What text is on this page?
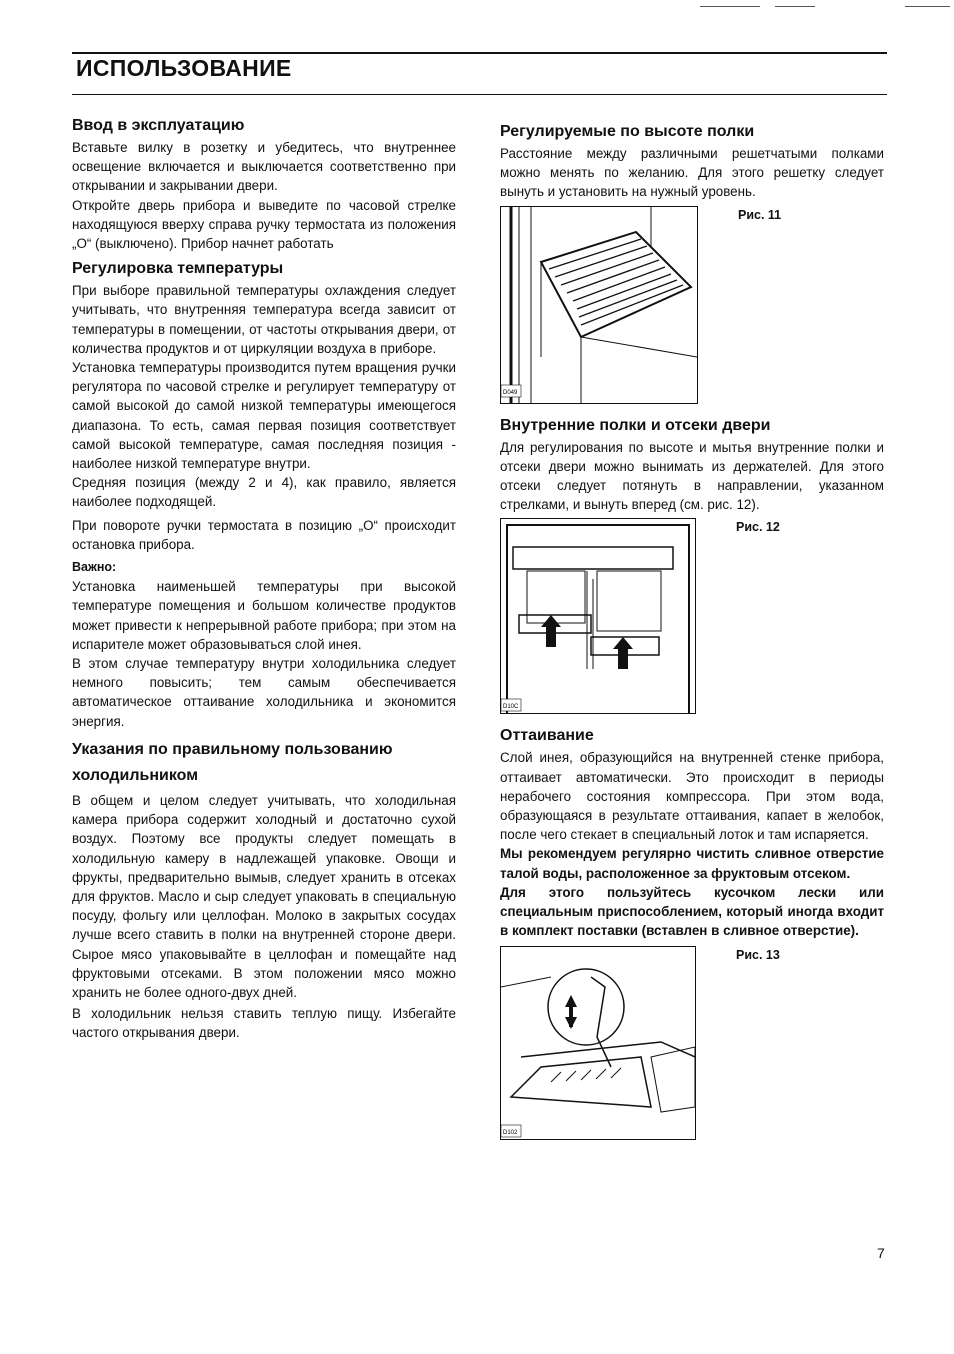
ИСПОЛЬЗОВАНИЕ
Ввод в эксплуатацию

Вставьте вилку в розетку и убедитесь, что внутреннее освещение включается и выключается соответственно при открывании и закрывании двери.

Откройте дверь прибора и выведите по часовой стрелке находящуюся вверху справа ручку термостата из положения „О“ (выключено). Прибор начнет работать

Регулировка температуры

При выборе правильной температуры охлаждения следует учитывать, что внутренняя температура всегда зависит от температуры в помещении, от частоты открывания двери, от количества продуктов и от циркуляции воздуха в приборе.

Установка температуры производится путем вращения ручки регулятора по часовой стрелке и регулирует температуру от самой высокой до самой низкой температуры имеющегося диапазона. То есть, самая первая позиция соответствует самой высокой температуре, самая последняя позиция - наиболее низкой температуре внутри.

Средняя позиция (между 2 и 4), как правило, является наиболее подходящей.

При повороте ручки термостата в позицию „О“ происходит остановка прибора.

Важно:

Установка наименьшей температуры при высокой температуре помещения и большом количестве продуктов может привести к непрерывной работе прибора; при этом на испарителе может образовываться слой инея.

В этом случае температуру внутри холодильника следует немного повысить; тем самым обеспечивается автоматическое оттаивание холодильника и экономится энергия.

Указания по правильному пользованию холодильником

В общем и целом следует учитывать, что холодильная камера прибора содержит холодный и достаточно сухой воздух. Поэтому все продукты следует помещать в холодильную камеру в надлежащей упаковке. Овощи и фрукты, предварительно вымыв, следует хранить в отсеках для фруктов. Масло и сыр следует упаковать в специальную посуду, фольгу или целлофан. Молоко в закрытых сосудах лучше всего ставить в полки на внутренней стороне двери. Сырое мясо упаковывайте в целлофан и помещайте над фруктовыми отсеками. В этом положении мясо можно хранить не более одного-двух дней.

В холодильник нельзя ставить теплую пищу. Избегайте частого открывания двери.

Регулируемые по высоте полки

Расстояние между различными решетчатыми полками можно менять по желанию. Для этого решетку следует вынуть и установить на нужный уровень.

D049
Рис. 11
Внутренние полки и отсеки двери

Для регулирования по высоте и мытья внутренние полки и отсеки двери можно вынимать из держателей. Для этого отсеки следует потянуть в направлении, указанном стрелками, и вынуть вперед (см. рис. 12).

D10C
Рис. 12
Оттаивание

Слой инея, образующийся на внутренней стенке прибора, оттаивает автоматически. Это происходит в периоды нерабочего состояния компрессора. При этом вода, образующаяся в результате оттаивания, капает в желобок, после чего стекает в специальный лоток и там испаряется.

Мы рекомендуем регулярно чистить сливное отверстие талой воды, расположенное за фруктовым отсеком.

Для этого пользуйтесь кусочком лески или специальным приспособлением, который иногда входит в комплект поставки (вставлен в сливное отверстие).

D102
Рис. 13
7
